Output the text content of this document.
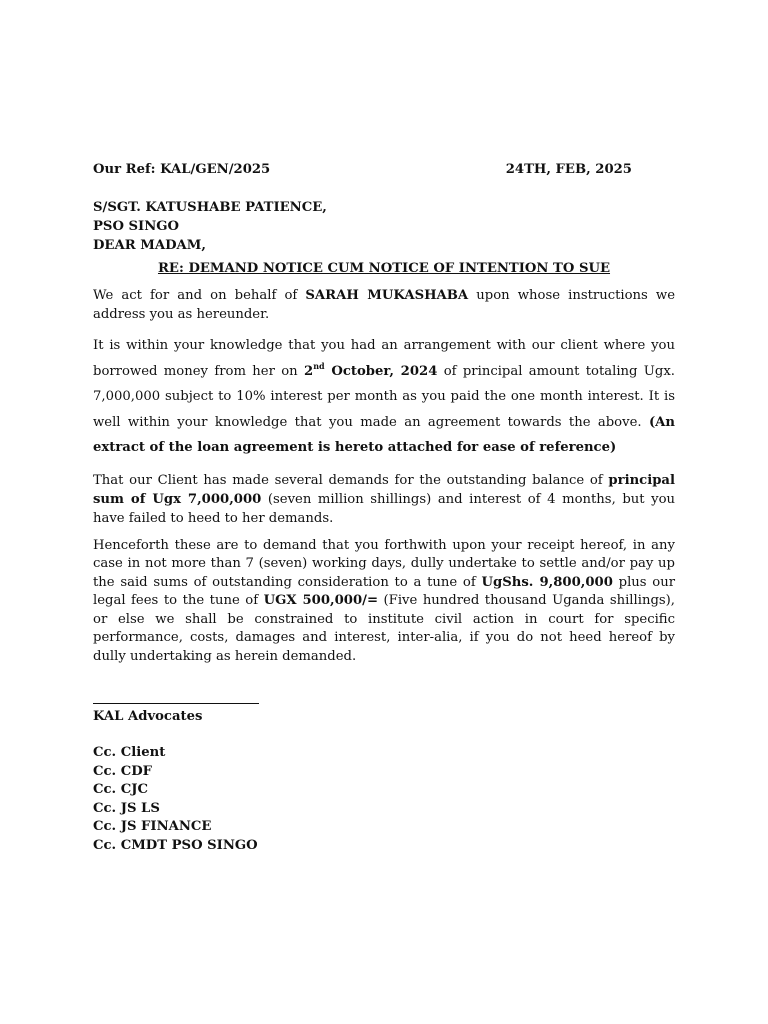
Our Ref: KAL/GEN/2025	24TH, FEB, 2025
S/SGT. KATUSHABE PATIENCE,
PSO SINGO
DEAR MADAM,
RE: DEMAND NOTICE CUM NOTICE OF INTENTION TO SUE

We act for and on behalf of SARAH MUKASHABA upon whose instructions we address you as hereunder.

It is within your knowledge that you had an arrangement with our client where you borrowed money from her on 2nd October, 2024 of principal amount totaling Ugx. 7,000,000 subject to 10% interest per month as you paid the one month interest. It is well within your knowledge that you made an agreement towards the above. (An extract of the loan agreement is hereto attached for ease of reference)

That our Client has made several demands for the outstanding balance of principal sum of Ugx 7,000,000 (seven million shillings) and interest of 4 months, but you have failed to heed to her demands.

Henceforth these are to demand that you forthwith upon your receipt hereof, in any case in not more than 7 (seven) working days, dully undertake to settle and/or pay up the said sums of outstanding consideration to a tune of UgShs. 9,800,000 plus our legal fees to the tune of UGX 500,000/= (Five hundred thousand Uganda shillings), or else we shall be constrained to institute civil action in court for specific performance, costs, damages and interest, inter-alia, if you do not heed hereof by dully undertaking as herein demanded.

KAL Advocates
Cc. Client
Cc. CDF
Cc. CJC
Cc. JS LS
Cc. JS FINANCE
Cc. CMDT PSO SINGO
